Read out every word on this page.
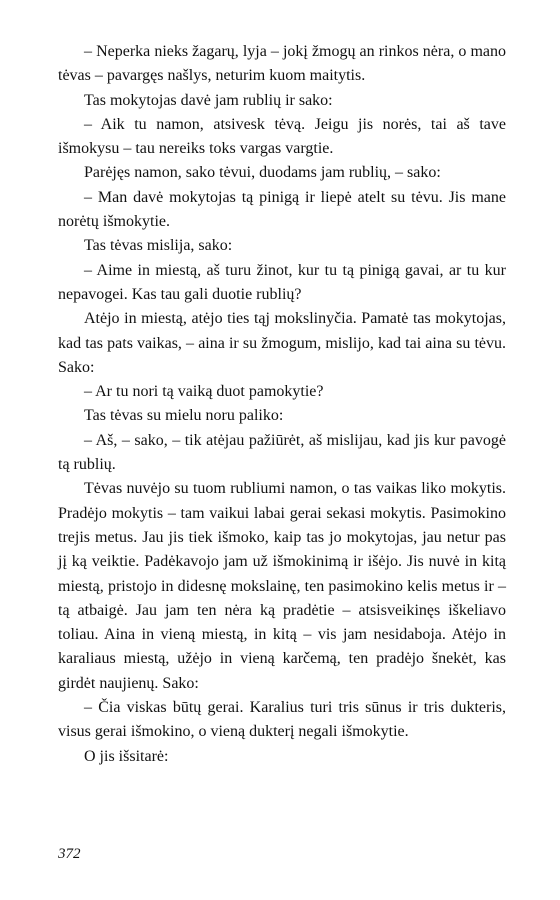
– Neperka nieks žagarų, lyja – jokį žmogų an rinkos nėra, o mano tėvas – pavargęs našlys, neturim kuom maitytis.

Tas mokytojas davė jam rublių ir sako:

– Aik tu namon, atsivesk tėvą. Jeigu jis norės, tai aš tave išmokysu – tau nereiks toks vargas vargtie.

Parėjęs namon, sako tėvui, duodams jam rublių, – sako:

– Man davė mokytojas tą pinigą ir liepė atelt su tėvu. Jis mane norėtų išmokytie.

Tas tėvas mislija, sako:

– Aime in miestą, aš turu žinot, kur tu tą pinigą gavai, ar tu kur nepavogei. Kas tau gali duotie rublių?

Atėjo in miestą, atėjo ties tąj mokslinyčia. Pamatė tas mokytojas, kad tas pats vaikas, – aina ir su žmogum, mislijo, kad tai aina su tėvu. Sako:

– Ar tu nori tą vaiką duot pamokytie?

Tas tėvas su mielu noru paliko:

– Aš, – sako, – tik atėjau pažiūrėt, aš mislijau, kad jis kur pavogė tą rublių.

Tėvas nuvėjo su tuom rubliumi namon, o tas vaikas liko mokytis. Pradėjo mokytis – tam vaikui labai gerai sekasi mokytis. Pasimokino trejis metus. Jau jis tiek išmoko, kaip tas jo mokytojas, jau netur pas jį ką veiktie. Padėkavojo jam už išmokinimą ir išėjo. Jis nuvė in kitą miestą, pristojo in didesnę mokslainę, ten pasimokino kelis metus ir – tą atbaigė. Jau jam ten nėra ką pradėtie – atsisveikinęs iškeliavo toliau. Aina in vieną miestą, in kitą – vis jam nesidaboja. Atėjo in karaliaus miestą, užėjo in vieną karčemą, ten pradėjo šnekėt, kas girdėt naujienų. Sako:

– Čia viskas būtų gerai. Karalius turi tris sūnus ir tris dukteris, visus gerai išmokino, o vieną dukterį negali išmokytie.

O jis išsitarė:

372
